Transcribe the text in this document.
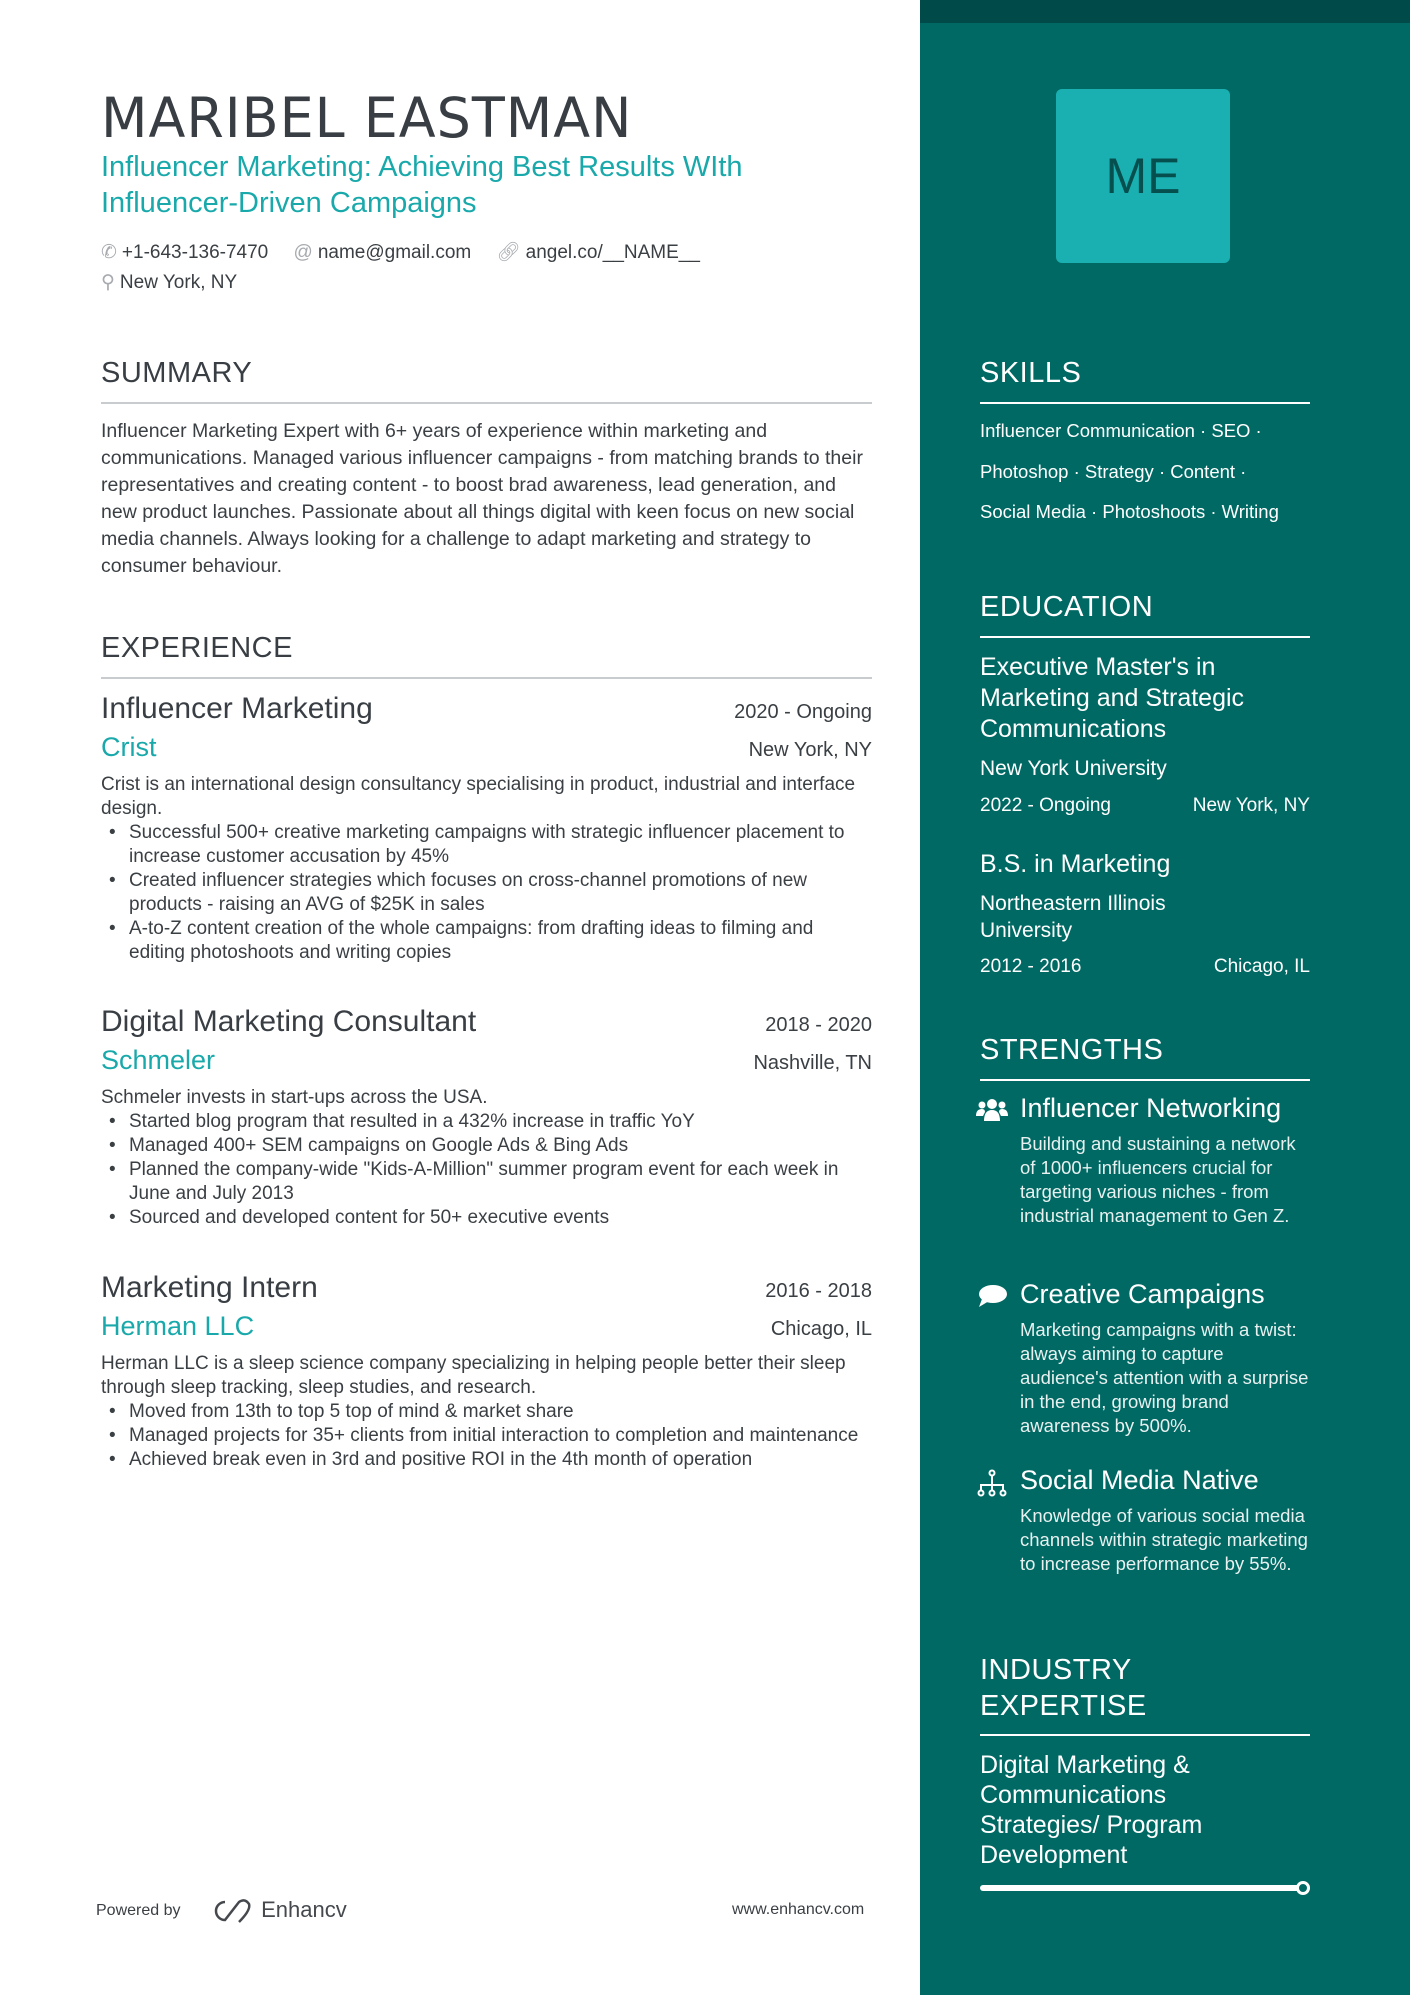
MARIBEL EASTMAN
Influencer Marketing: Achieving Best Results WIth Influencer-Driven Campaigns
✆ +1-643-136-7470 @ name@gmail.com 🔗︎ angel.co/__NAME__
⚲ New York, NY
SUMMARY
Influencer Marketing Expert with 6+ years of experience within marketing and communications. Managed various influencer campaigns - from matching brands to their representatives and creating content - to boost brad awareness, lead generation, and new product launches. Passionate about all things digital with keen focus on new social media channels. Always looking for a challenge to adapt marketing and strategy to consumer behaviour.
EXPERIENCE
Influencer Marketing	2020 - Ongoing
Crist	New York, NY
Crist is an international design consultancy specialising in product, industrial and interface design.
• Successful 500+ creative marketing campaigns with strategic influencer placement to increase customer accusation by 45%
• Created influencer strategies which focuses on cross-channel promotions of new products - raising an AVG of $25K in sales
• A-to-Z content creation of the whole campaigns: from drafting ideas to filming and editing photoshoots and writing copies
Digital Marketing Consultant	2018 - 2020
Schmeler	Nashville, TN
Schmeler invests in start-ups across the USA.
• Started blog program that resulted in a 432% increase in traffic YoY
• Managed 400+ SEM campaigns on Google Ads & Bing Ads
• Planned the company-wide "Kids-A-Million" summer program event for each week in June and July 2013
• Sourced and developed content for 50+ executive events
Marketing Intern	2016 - 2018
Herman LLC	Chicago, IL
Herman LLC is a sleep science company specializing in helping people better their sleep through sleep tracking, sleep studies, and research.
• Moved from 13th to top 5 top of mind & market share
• Managed projects for 35+ clients from initial interaction to completion and maintenance
• Achieved break even in 3rd and positive ROI in the 4th month of operation
Powered by	Enhancv	www.enhancv.com
ME
SKILLS
Influencer Communication · SEO ·
Photoshop · Strategy · Content ·
Social Media · Photoshoots · Writing
EDUCATION
Executive Master's in Marketing and Strategic Communications
New York University
2022 - Ongoing	New York, NY
B.S. in Marketing
Northeastern Illinois University
2012 - 2016	Chicago, IL
STRENGTHS
Influencer Networking
Building and sustaining a network of 1000+ influencers crucial for targeting various niches - from industrial management to Gen Z.
Creative Campaigns
Marketing campaigns with a twist: always aiming to capture audience's attention with a surprise in the end, growing brand awareness by 500%.
Social Media Native
Knowledge of various social media channels within strategic marketing to increase performance by 55%.
INDUSTRY EXPERTISE
Digital Marketing & Communications Strategies/ Program Development
